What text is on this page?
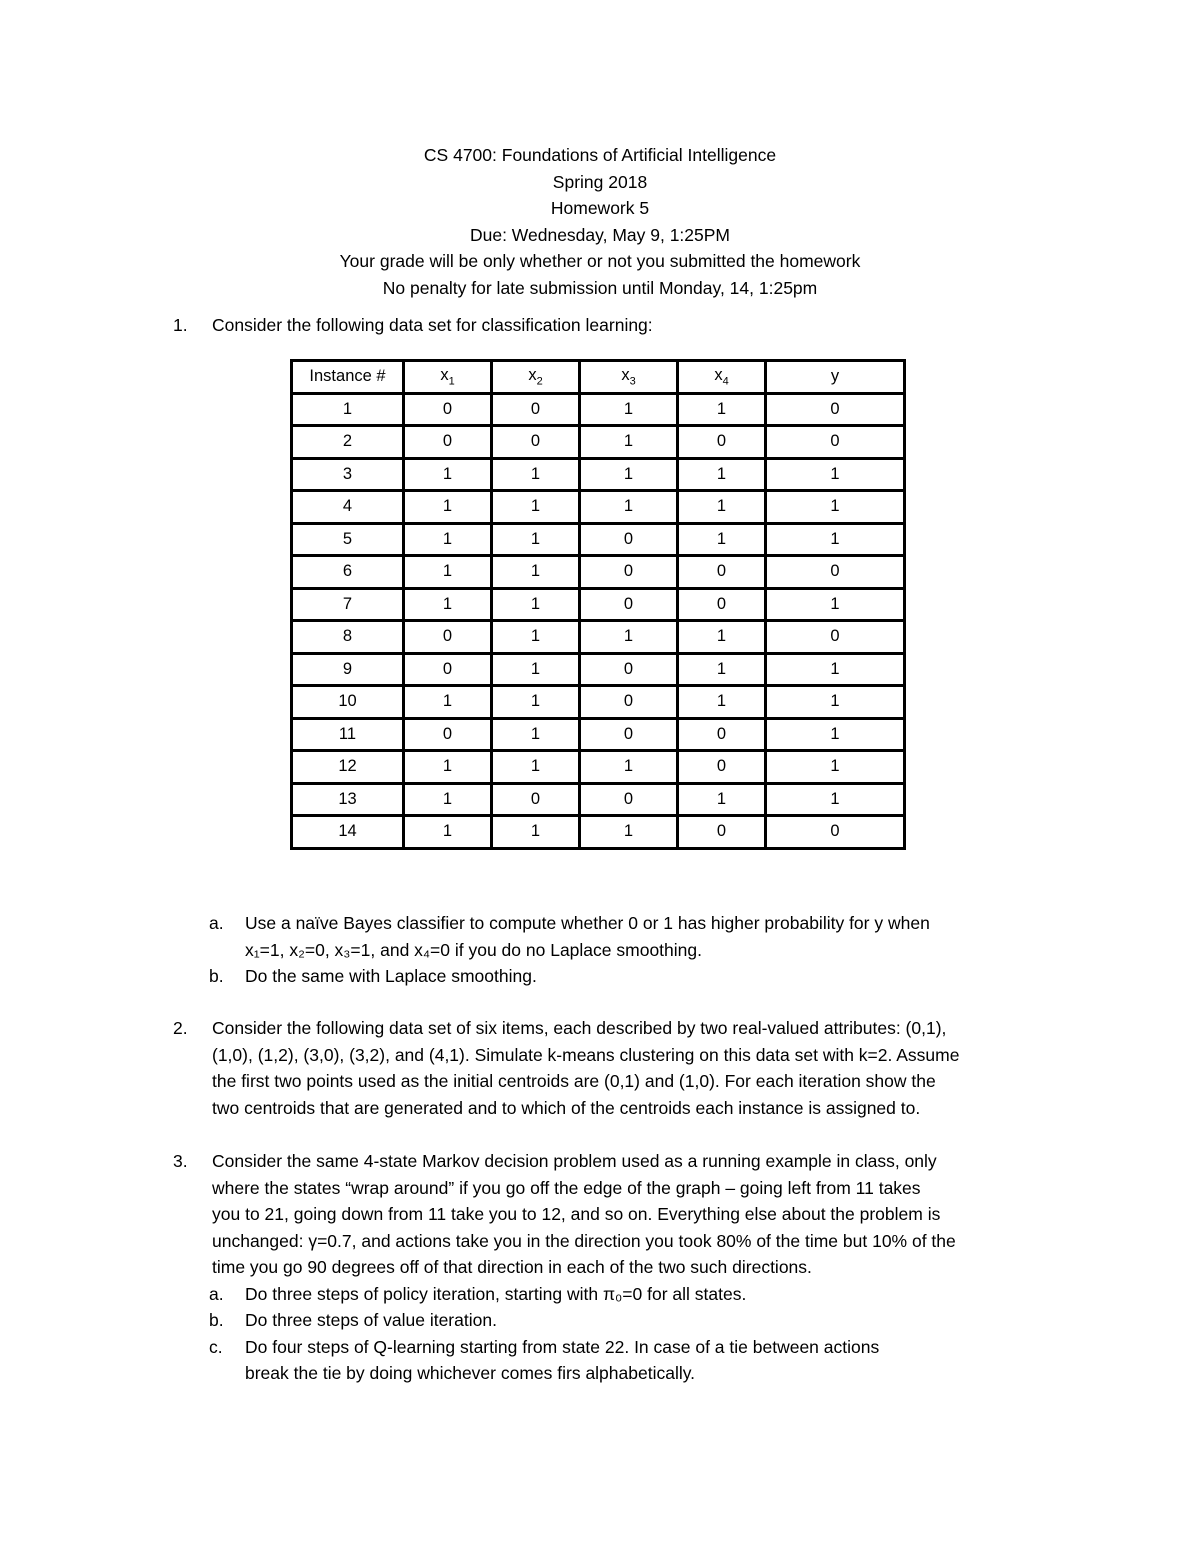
CS 4700: Foundations of Artificial Intelligence
Spring 2018
Homework 5
Due: Wednesday, May 9, 1:25PM
Your grade will be only whether or not you submitted the homework
No penalty for late submission until Monday, 14, 1:25pm
1.	Consider the following data set for classification learning:
Instance #	$x_1$	$x_2$	$x_3$	$x_4$	y
1	0	0	1	1	0
2	0	0	1	0	0
3	1	1	1	1	1
4	1	1	1	1	1
5	1	1	0	1	1
6	1	1	0	0	0
7	1	1	0	0	1
8	0	1	1	1	0
9	0	1	0	1	1
10	1	1	0	1	1
11	0	1	0	0	1
12	1	1	1	0	1
13	1	0	0	1	1
14	1	1	1	0	0
a. Use a naïve Bayes classifier to compute whether 0 or 1 has higher probability for y when
x₁=1, x₂=0, x₃=1, and x₄=0 if you do no Laplace smoothing.
b. Do the same with Laplace smoothing.
2.	Consider the following data set of six items, each described by two real-valued attributes: (0,1),
(1,0), (1,2), (3,0), (3,2), and (4,1). Simulate k-means clustering on this data set with k=2. Assume
the first two points used as the initial centroids are (0,1) and (1,0). For each iteration show the
two centroids that are generated and to which of the centroids each instance is assigned to.
3.	Consider the same 4-state Markov decision problem used as a running example in class, only
where the states “wrap around” if you go off the edge of the graph – going left from 11 takes
you to 21, going down from 11 take you to 12, and so on. Everything else about the problem is
unchanged: γ=0.7, and actions take you in the direction you took 80% of the time but 10% of the
time you go 90 degrees off of that direction in each of the two such directions.
a. Do three steps of policy iteration, starting with π₀=0 for all states.
b. Do three steps of value iteration.
c. Do four steps of Q-learning starting from state 22. In case of a tie between actions
break the tie by doing whichever comes firs alphabetically.
